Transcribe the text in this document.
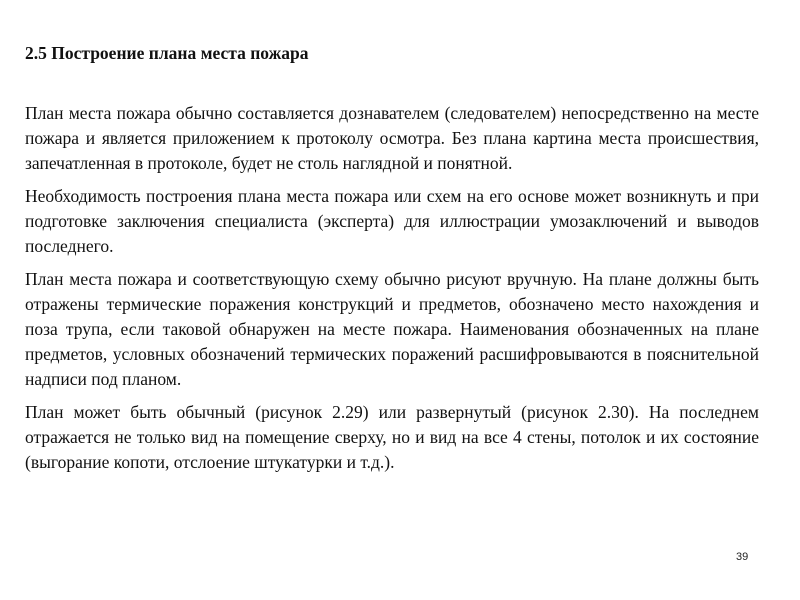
2.5 Построение плана места пожара

План места пожара обычно составляется дознавателем (следователем) непосредственно на месте пожара и является приложением к протоколу осмотра. Без плана картина места происшествия, запечатленная в протоколе, будет не столь наглядной и понятной.

Необходимость построения плана места пожара или схем на его основе может возникнуть и при подготовке заключения специалиста (эксперта) для иллюстрации умозаключений и выводов последнего.

План места пожара и соответствующую схему обычно рисуют вручную. На плане должны быть отражены термические поражения конструкций и предметов, обозначено место нахождения и поза трупа, если таковой обнаружен на месте пожара. Наименования обозначенных на плане предметов, условных обозначений термических поражений расшифровываются в пояснительной надписи под планом.

План может быть обычный (рисунок 2.29) или развернутый (рисунок 2.30). На последнем отражается не только вид на помещение сверху, но и вид на все 4 стены, потолок и их состояние (выгорание копоти, отслоение штукатурки и т.д.).

39
